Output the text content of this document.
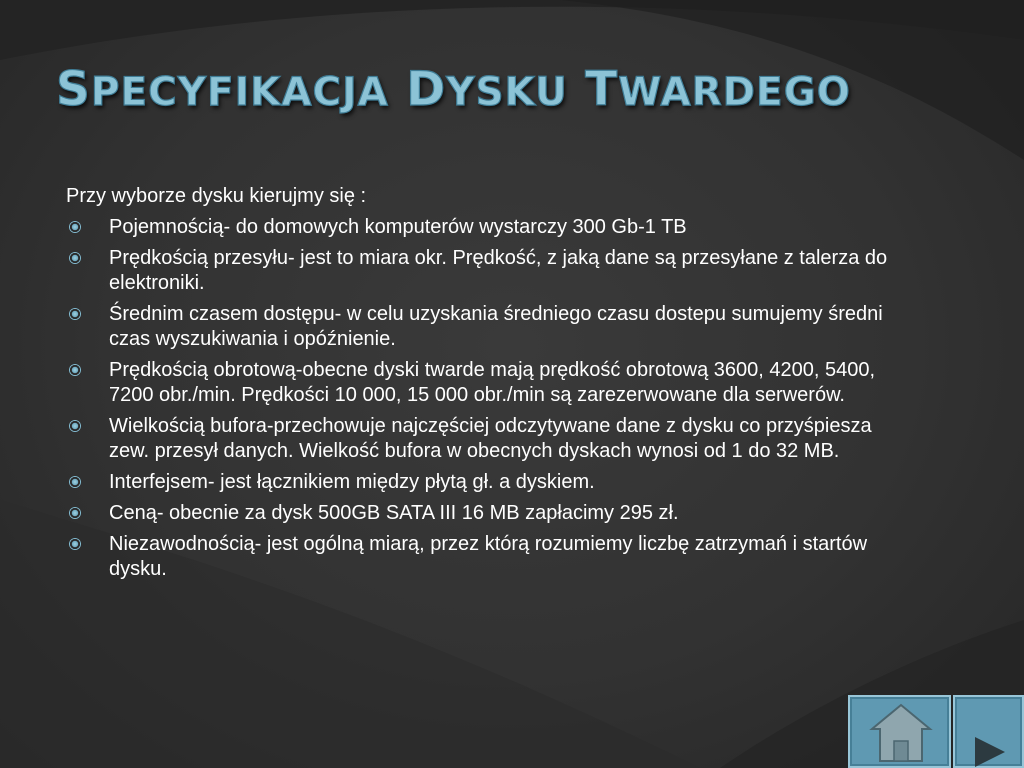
SPECYFIKACJA DYSKU TWARDEGO

Przy wyborze dysku kierujmy się :

Pojemnością- do domowych komputerów wystarczy 300 Gb-1 TB
Prędkością przesyłu- jest to miara okr. Prędkość, z jaką dane są przesyłane z talerza do elektroniki.
Średnim czasem dostępu- w celu uzyskania średniego czasu dostepu sumujemy średni czas wyszukiwania i opóźnienie.
Prędkością obrotową-obecne dyski twarde mają prędkość obrotową 3600, 4200, 5400, 7200 obr./min. Prędkości 10 000, 15 000 obr./min są zarezerwowane dla serwerów.
Wielkością bufora-przechowuje najczęściej odczytywane dane z dysku co przyśpiesza zew. przesył danych. Wielkość bufora w obecnych dyskach wynosi od 1 do 32 MB.
Interfejsem- jest łącznikiem między płytą gł. a dyskiem.
Ceną- obecnie za dysk 500GB SATA III 16 MB zapłacimy 295 zł.
Niezawodnością- jest ogólną miarą, przez którą rozumiemy liczbę zatrzymań i startów dysku.
